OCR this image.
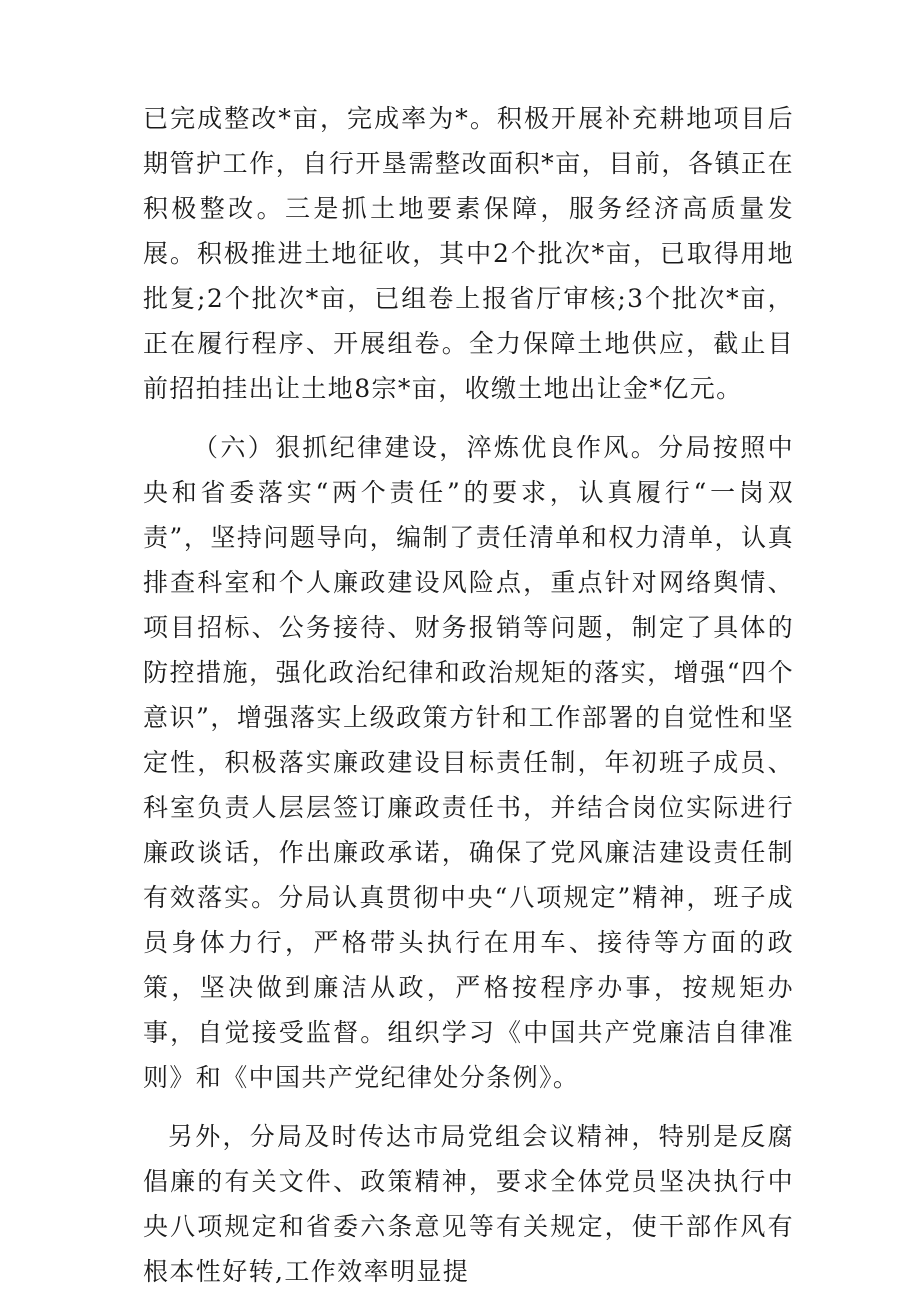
已完成整改*亩，完成率为*。积极开展补充耕地项目后期管护工作，自行开垦需整改面积*亩，目前，各镇正在积极整改。三是抓土地要素保障，服务经济高质量发展。积极推进土地征收，其中2个批次*亩，已取得用地批复;2个批次*亩，已组卷上报省厅审核;3个批次*亩，正在履行程序、开展组卷。全力保障土地供应，截止目前招拍挂出让土地8宗*亩，收缴土地出让金*亿元。

（六）狠抓纪律建设，淬炼优良作风。分局按照中央和省委落实“两个责任”的要求，认真履行“一岗双责”，坚持问题导向，编制了责任清单和权力清单，认真排查科室和个人廉政建设风险点，重点针对网络舆情、项目招标、公务接待、财务报销等问题，制定了具体的防控措施，强化政治纪律和政治规矩的落实，增强“四个意识”，增强落实上级政策方针和工作部署的自觉性和坚定性，积极落实廉政建设目标责任制，年初班子成员、科室负责人层层签订廉政责任书，并结合岗位实际进行廉政谈话，作出廉政承诺，确保了党风廉洁建设责任制有效落实。分局认真贯彻中央“八项规定”精神，班子成员身体力行，严格带头执行在用车、接待等方面的政策，坚决做到廉洁从政，严格按程序办事，按规矩办事，自觉接受监督。组织学习《中国共产党廉洁自律准则》和《中国共产党纪律处分条例》。

另外，分局及时传达市局党组会议精神，特别是反腐倡廉的有关文件、政策精神，要求全体党员坚决执行中央八项规定和省委六条意见等有关规定，使干部作风有根本性好转,工作效率明显提
